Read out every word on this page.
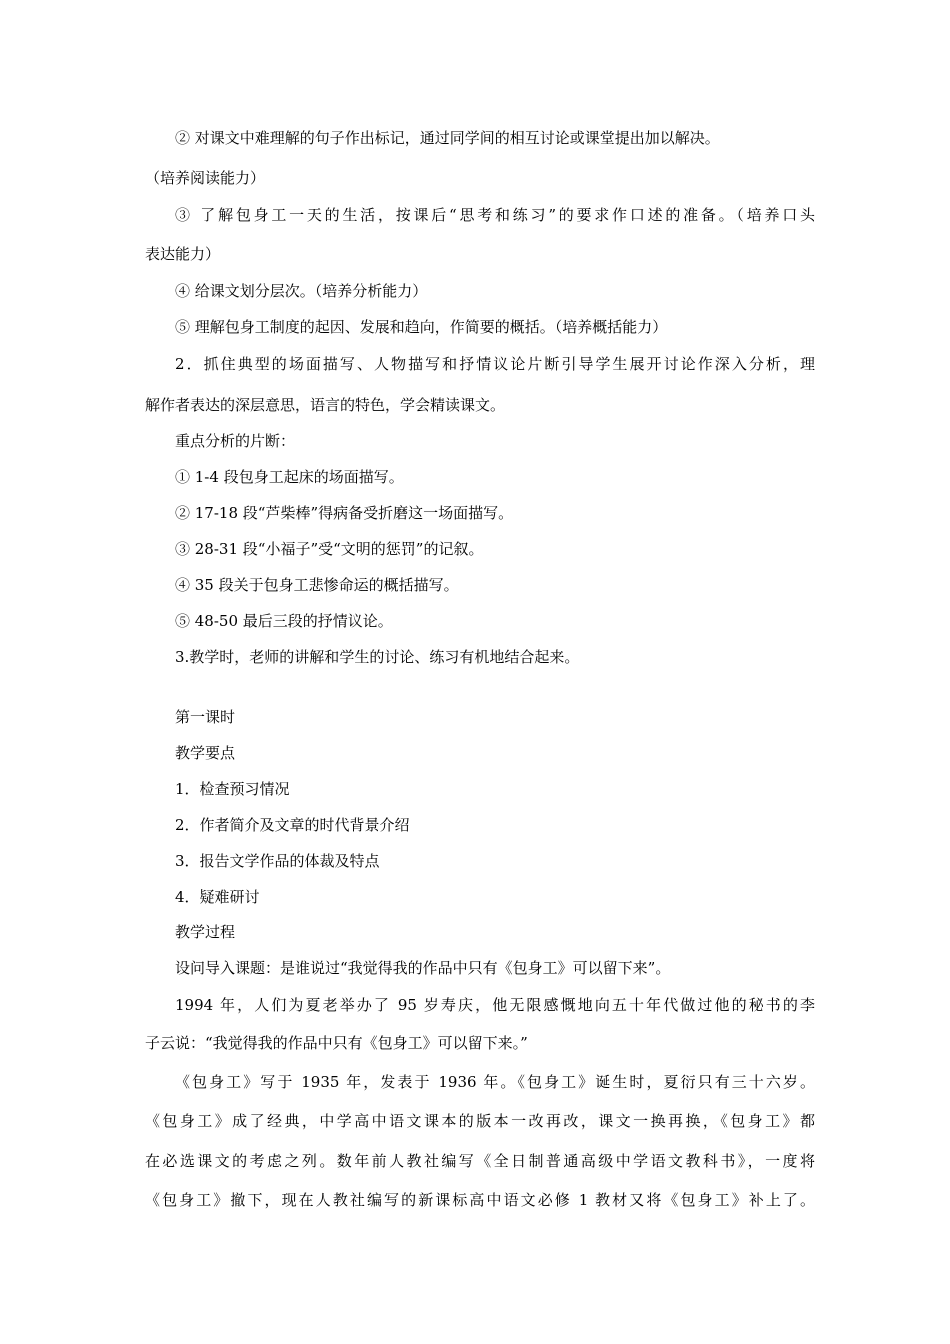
② 对课文中难理解的句子作出标记，通过同学间的相互讨论或课堂提出加以解决。
（培养阅读能力）
③ 了解包身工一天的生活，按课后“思考和练习”的要求作口述的准备。（培养口头
表达能力）
④ 给课文划分层次。（培养分析能力）
⑤ 理解包身工制度的起因、发展和趋向，作简要的概括。（培养概括能力）
2．抓住典型的场面描写、人物描写和抒情议论片断引导学生展开讨论作深入分析，理
解作者表达的深层意思，语言的特色，学会精读课文。
重点分析的片断：
① 1-4 段包身工起床的场面描写。
② 17-18 段“芦柴棒”得病备受折磨这一场面描写。
③ 28-31 段“小福子”受“文明的惩罚”的记叙。
④ 35 段关于包身工悲惨命运的概括描写。
⑤ 48-50 最后三段的抒情议论。
3.教学时，老师的讲解和学生的讨论、练习有机地结合起来。
第一课时
教学要点
1．检查预习情况
2．作者简介及文章的时代背景介绍
3．报告文学作品的体裁及特点
4．疑难研讨
教学过程
设问导入课题：是谁说过“我觉得我的作品中只有《包身工》可以留下来”。
1994 年，人们为夏老举办了 95 岁寿庆，他无限感慨地向五十年代做过他的秘书的李
子云说：“我觉得我的作品中只有《包身工》可以留下来。”
《包身工》写于 1935 年，发表于 1936 年。《包身工》诞生时，夏衍只有三十六岁。
《包身工》成了经典，中学高中语文课本的版本一改再改，课文一换再换，《包身工》都
在必选课文的考虑之列。数年前人教社编写《全日制普通高级中学语文教科书》，一度将
《包身工》撤下，现在人教社编写的新课标高中语文必修 1 教材又将《包身工》补上了。
